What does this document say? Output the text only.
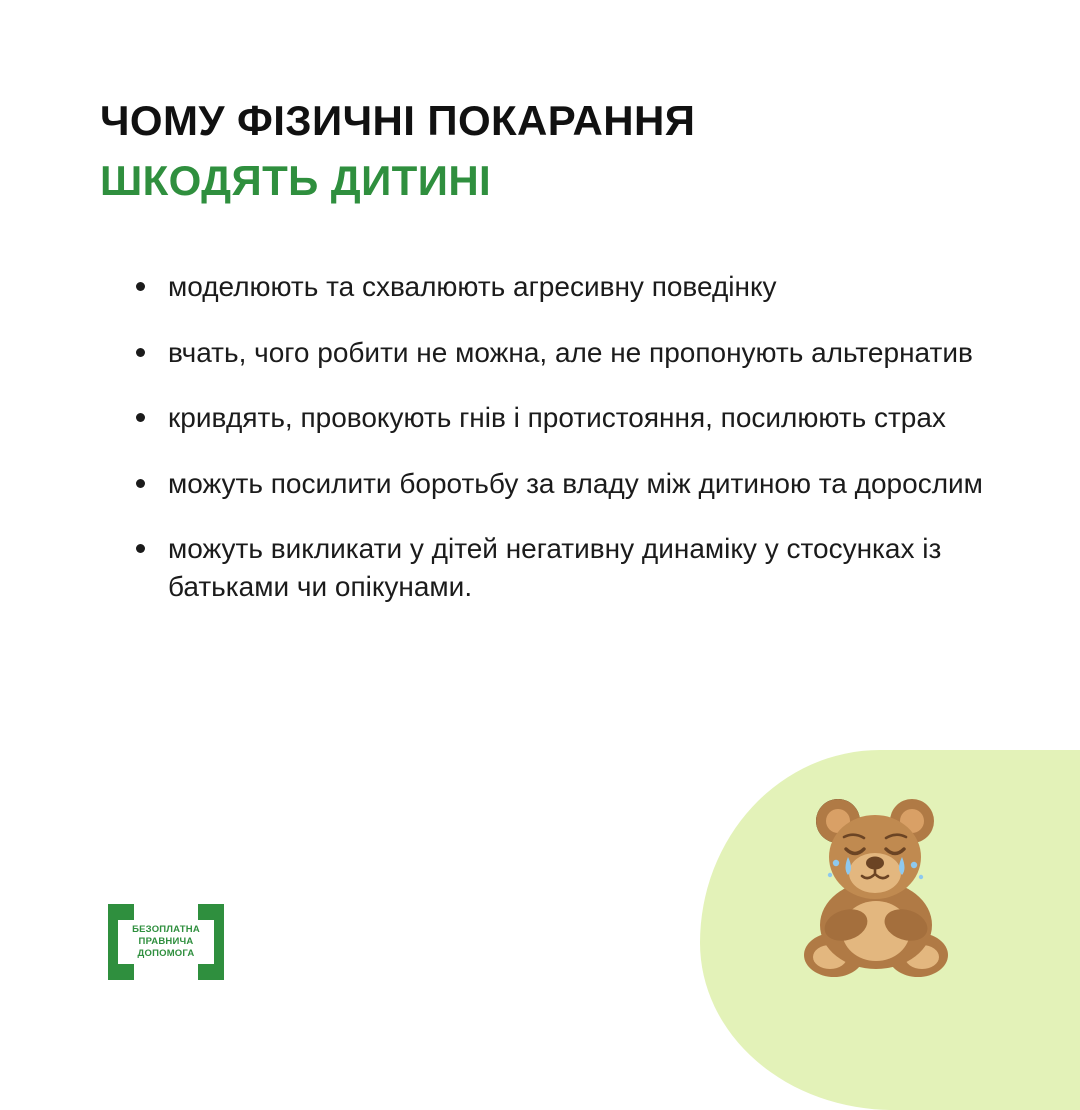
ЧОМУ ФІЗИЧНІ ПОКАРАННЯ
ШКОДЯТЬ ДИТИНІ
моделюють та схвалюють агресивну поведінку
вчать, чого робити не можна, але не пропонують альтернатив
кривдять, провокують гнів і протистояння, посилюють страх
можуть посилити боротьбу за владу між дитиною та дорослим
можуть викликати у дітей негативну динаміку у стосунках із батьками чи опікунами.
БЕЗОПЛАТНА
ПРАВНИЧА
ДОПОМОГА
